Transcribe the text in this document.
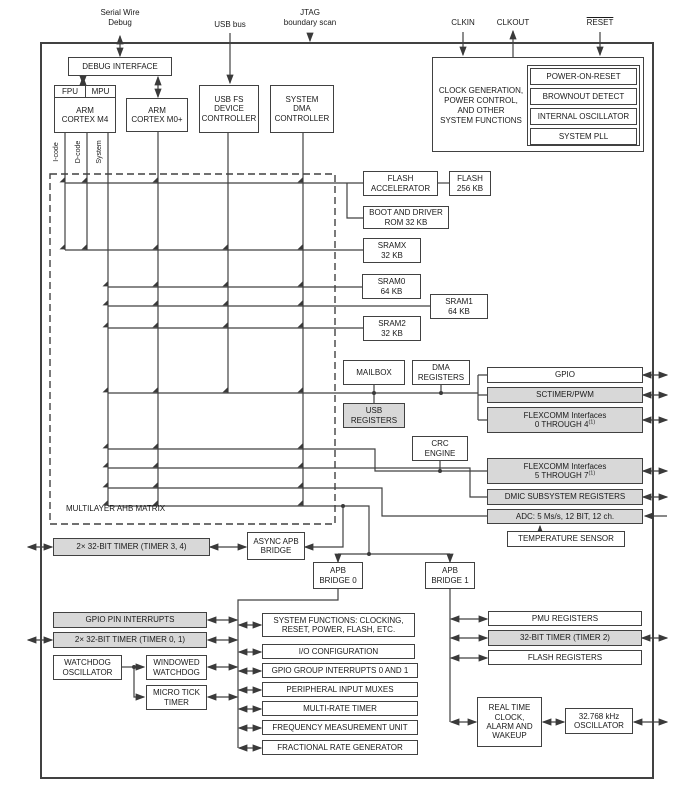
Serial Wire
Debug	USB bus
JTAG
boundary scan	CLKIN	CLKOUT	RESET
DEBUG INTERFACE
FPU	MPU
ARM
CORTEX M4
ARM
CORTEX M0+
USB FS
DEVICE
CONTROLLER
SYSTEM
DMA
CONTROLLER
CLOCK GENERATION,
POWER CONTROL,
AND OTHER
SYSTEM FUNCTIONS
POWER-ON-RESET
BROWNOUT DETECT
INTERNAL OSCILLATOR
SYSTEM PLL
I-code	D-code	System
MULTILAYER AHB MATRIX
FLASH
ACCELERATOR
FLASH
256 KB
BOOT AND DRIVER
ROM 32 KB
SRAMX
32 KB
SRAM0
64 KB
SRAM1
64 KB
SRAM2
32 KB
MAILBOX
DMA
REGISTERS
USB
REGISTERS
CRC
ENGINE
GPIO
SCTIMER/PWM
FLEXCOMM Interfaces
0 THROUGH 4$^{(1)}$
FLEXCOMM Interfaces
5 THROUGH 7$^{(1)}$
DMIC SUBSYSTEM REGISTERS
ADC: 5 Ms/s, 12 BIT, 12 ch.
TEMPERATURE SENSOR
2× 32-BIT TIMER (TIMER 3, 4)
ASYNC APB
BRIDGE
APB
BRIDGE 0
APB
BRIDGE 1
GPIO PIN INTERRUPTS
2× 32-BIT TIMER (TIMER 0, 1)
WATCHDOG
OSCILLATOR
WINDOWED
WATCHDOG
MICRO TICK
TIMER
SYSTEM FUNCTIONS: CLOCKING,
RESET, POWER, FLASH, ETC.
I/O CONFIGURATION
GPIO GROUP INTERRUPTS 0 AND 1
PERIPHERAL INPUT MUXES
MULTI-RATE TIMER
FREQUENCY MEASUREMENT UNIT
FRACTIONAL RATE GENERATOR
PMU REGISTERS
32-BIT TIMER (TIMER 2)
FLASH REGISTERS
REAL TIME
CLOCK,
ALARM AND
WAKEUP
32.768 kHz
OSCILLATOR
